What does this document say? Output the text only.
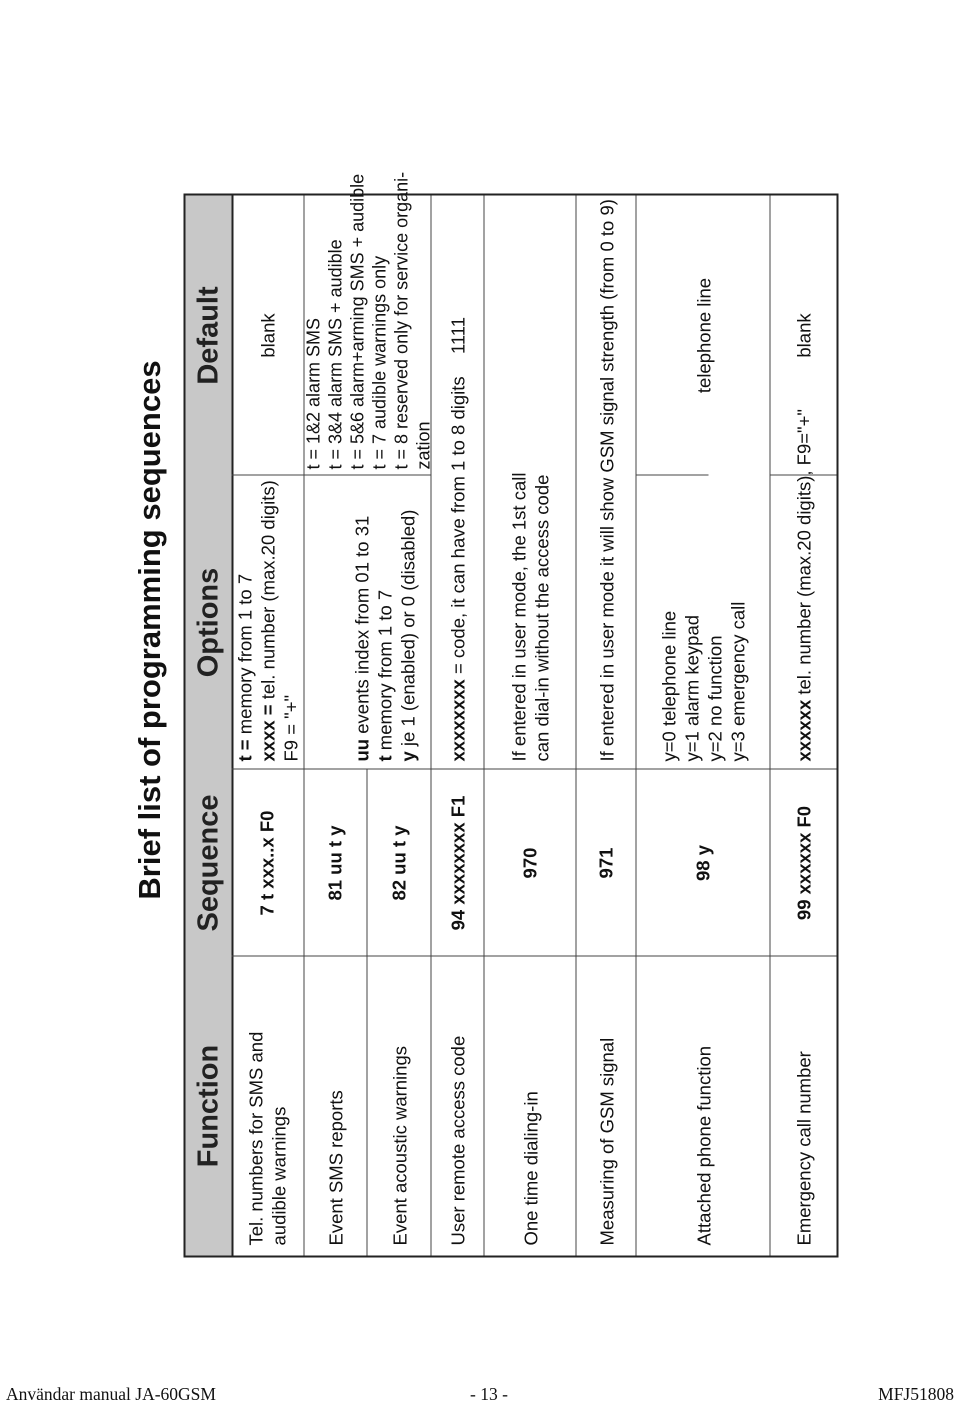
Brief list of programming sequences
Function
Sequence
Options
Default
Tel. numbers for SMS and audible warnings
7 t xxx..x F0
t = memory from 1 to 7 xxxx = tel. number (max.20 digits)
F9 = "+"
blank
Event SMS reports
81 uu t y
Event acoustic warnings
82 uu t y
uu events index from 01 to 31
t memory from 1 to 7
y je 1 (enabled) or 0 (disabled)
t = 1&2 alarm SMS t = 3&4 alarm SMS + audible t = 5&6 alarm+arming SMS + audible t = 7 audible warnings only t = 8 reserved only for service organi- zation
User remote access code
94 xxxxxxxx F1
xxxxxxxx = code, it can have from 1 to 8 digits
1111
One time dialing-in
970
If entered in user mode, the 1st call can dial-in without the access code
Measuring of GSM signal
971
If entered in user mode it will show GSM signal strength (from 0 to 9)
Attached phone function
98 y
y=0 telephone line y=1 alarm keypad y=2 no function y=3 emergency call
telephone line
Emergency call number
99 xxxxxx F0
xxxxxx tel. number (max.20 digits), F9="+"
blank
Användar manual JA-60GSM	- 13 -	MFJ51808
